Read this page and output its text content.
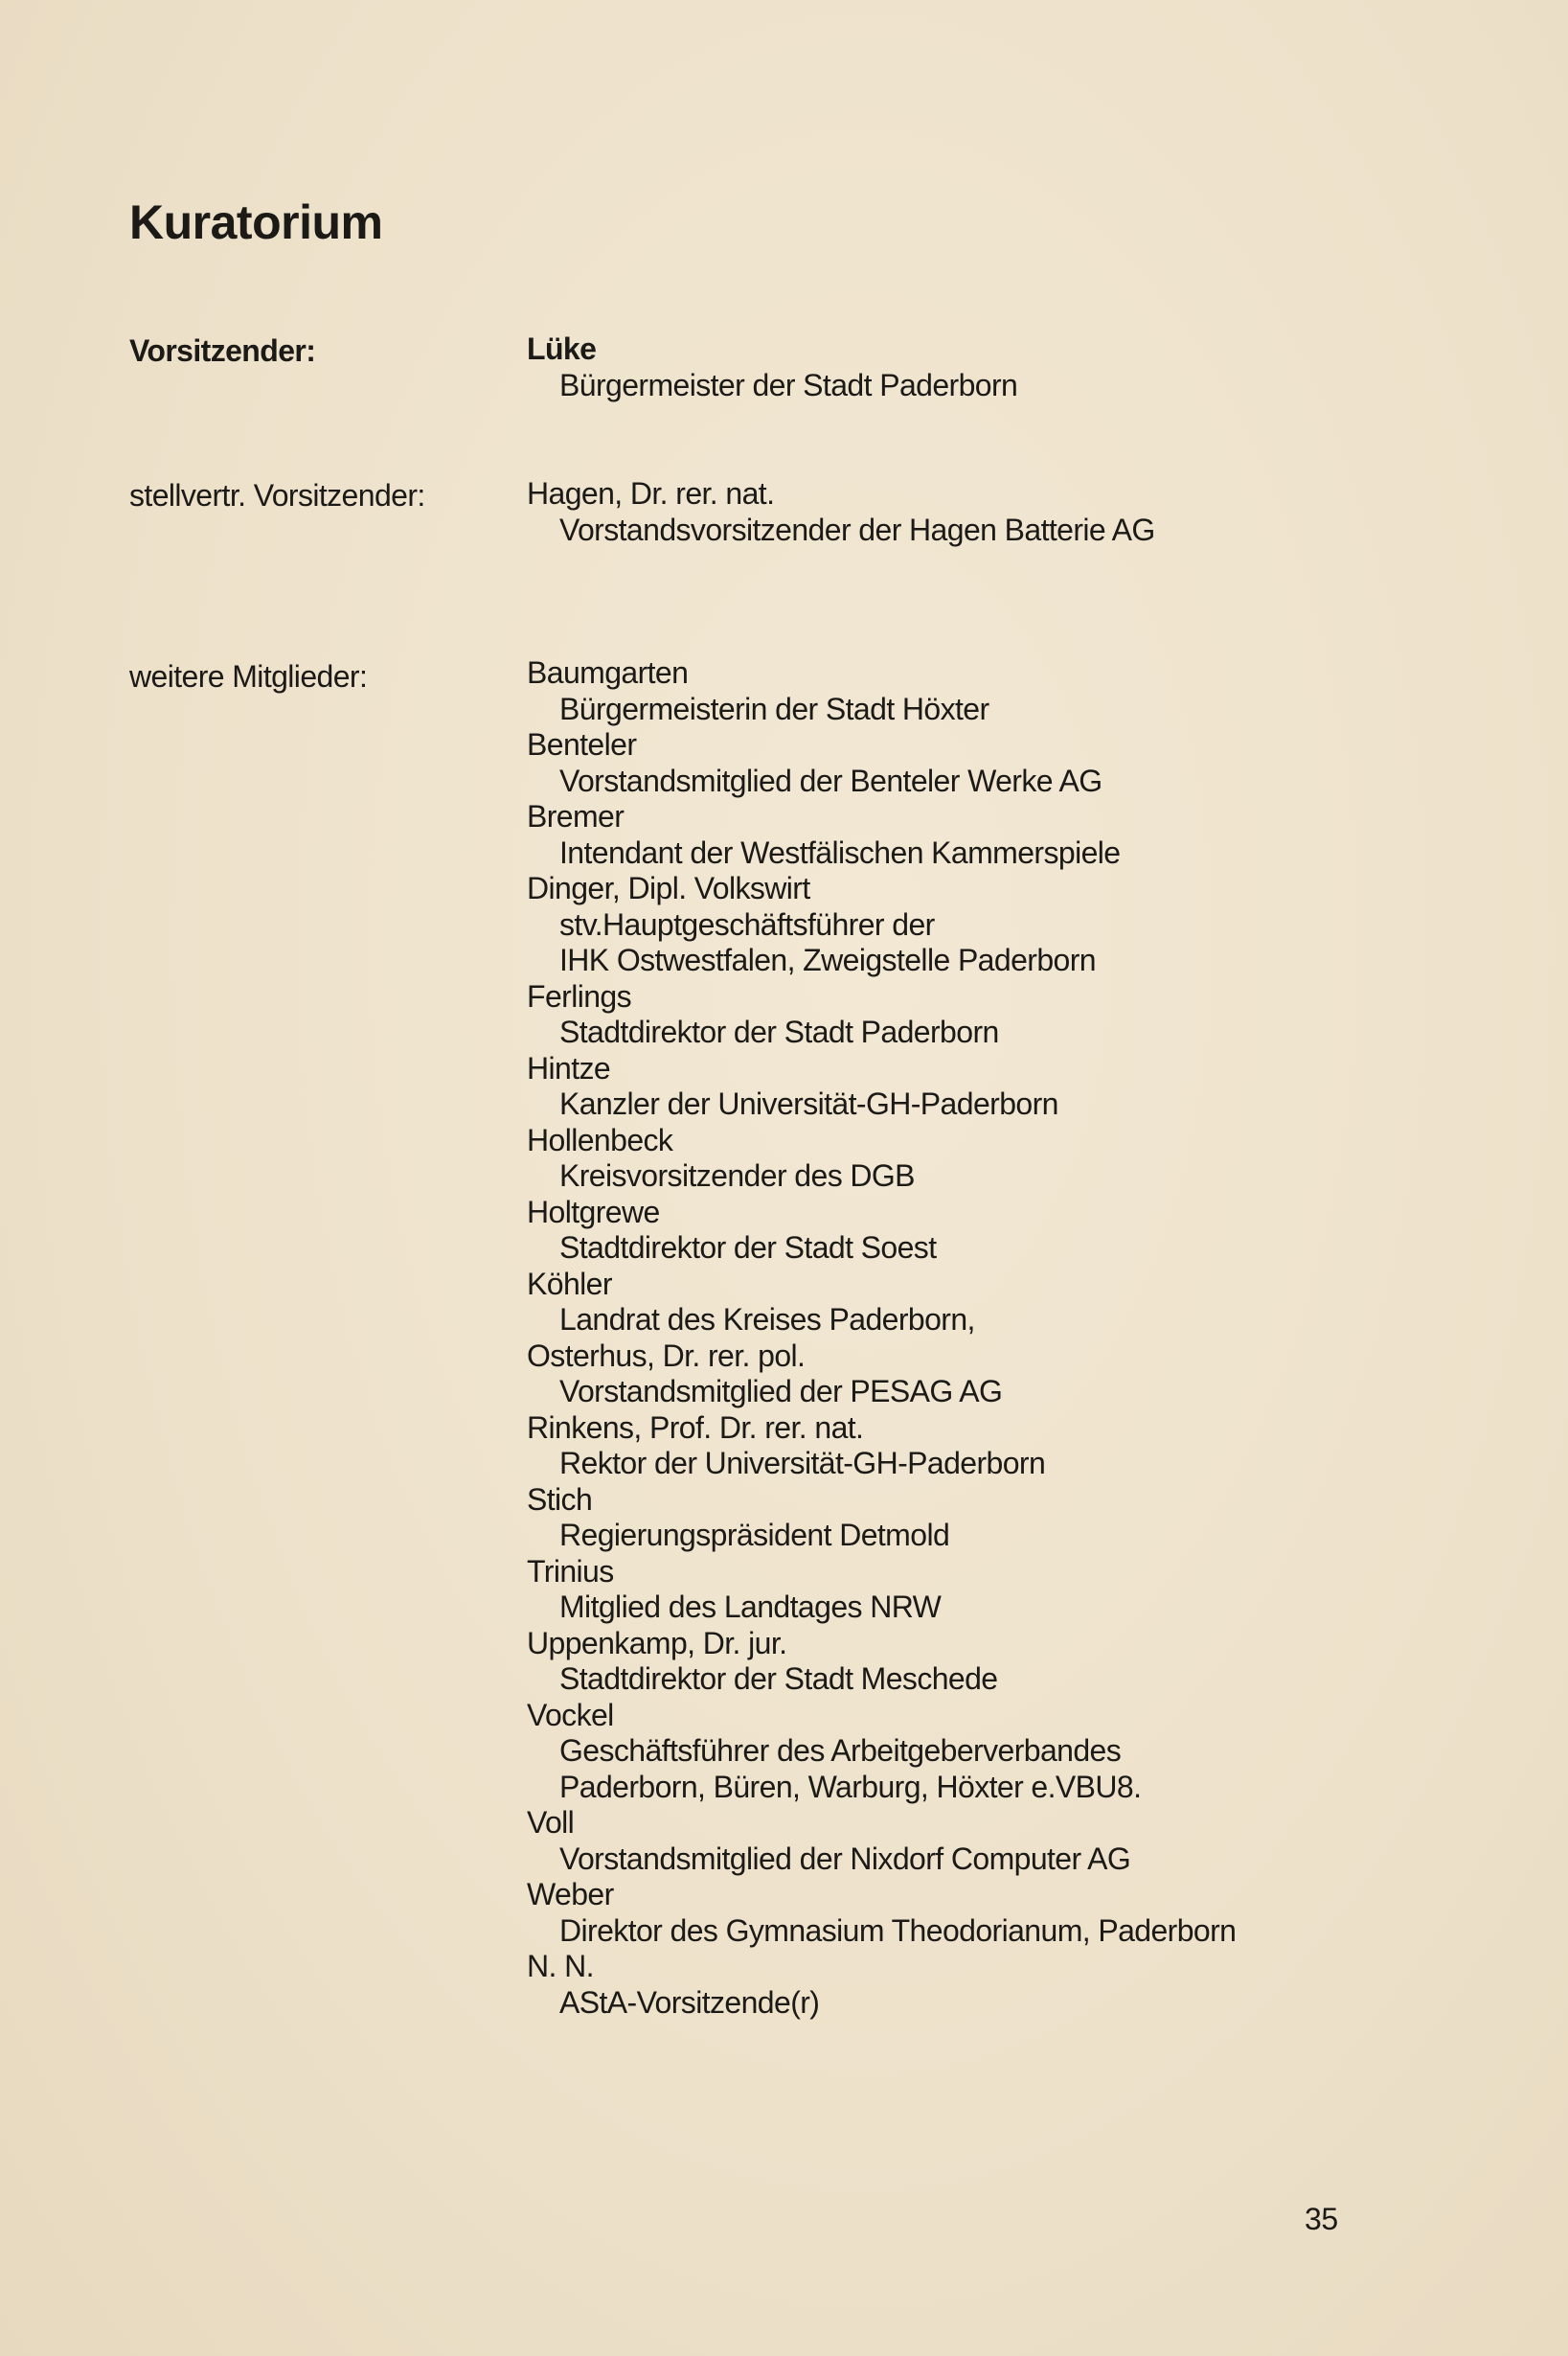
Kuratorium
Vorsitzender:	Lüke
Bürgermeister der Stadt Paderborn
stellvertr. Vorsitzender:	Hagen, Dr. rer. nat.
Vorstandsvorsitzender der Hagen Batterie AG
weitere Mitglieder:	Baumgarten
Bürgermeisterin der Stadt Höxter
Benteler
Vorstandsmitglied der Benteler Werke AG
Bremer
Intendant der Westfälischen Kammerspiele
Dinger, Dipl. Volkswirt
stv.Hauptgeschäftsführer der
IHK Ostwestfalen, Zweigstelle Paderborn
Ferlings
Stadtdirektor der Stadt Paderborn
Hintze
Kanzler der Universität-GH-Paderborn
Hollenbeck
Kreisvorsitzender des DGB
Holtgrewe
Stadtdirektor der Stadt Soest
Köhler
Landrat des Kreises Paderborn,
Osterhus, Dr. rer. pol.
Vorstandsmitglied der PESAG AG
Rinkens, Prof. Dr. rer. nat.
Rektor der Universität-GH-Paderborn
Stich
Regierungspräsident Detmold
Trinius
Mitglied des Landtages NRW
Uppenkamp, Dr. jur.
Stadtdirektor der Stadt Meschede
Vockel
Geschäftsführer des Arbeitgeberverbandes
Paderborn, Büren, Warburg, Höxter e.VBU8.
Voll
Vorstandsmitglied der Nixdorf Computer AG
Weber
Direktor des Gymnasium Theodorianum, Paderborn
N. N.
AStA-Vorsitzende(r)
35
